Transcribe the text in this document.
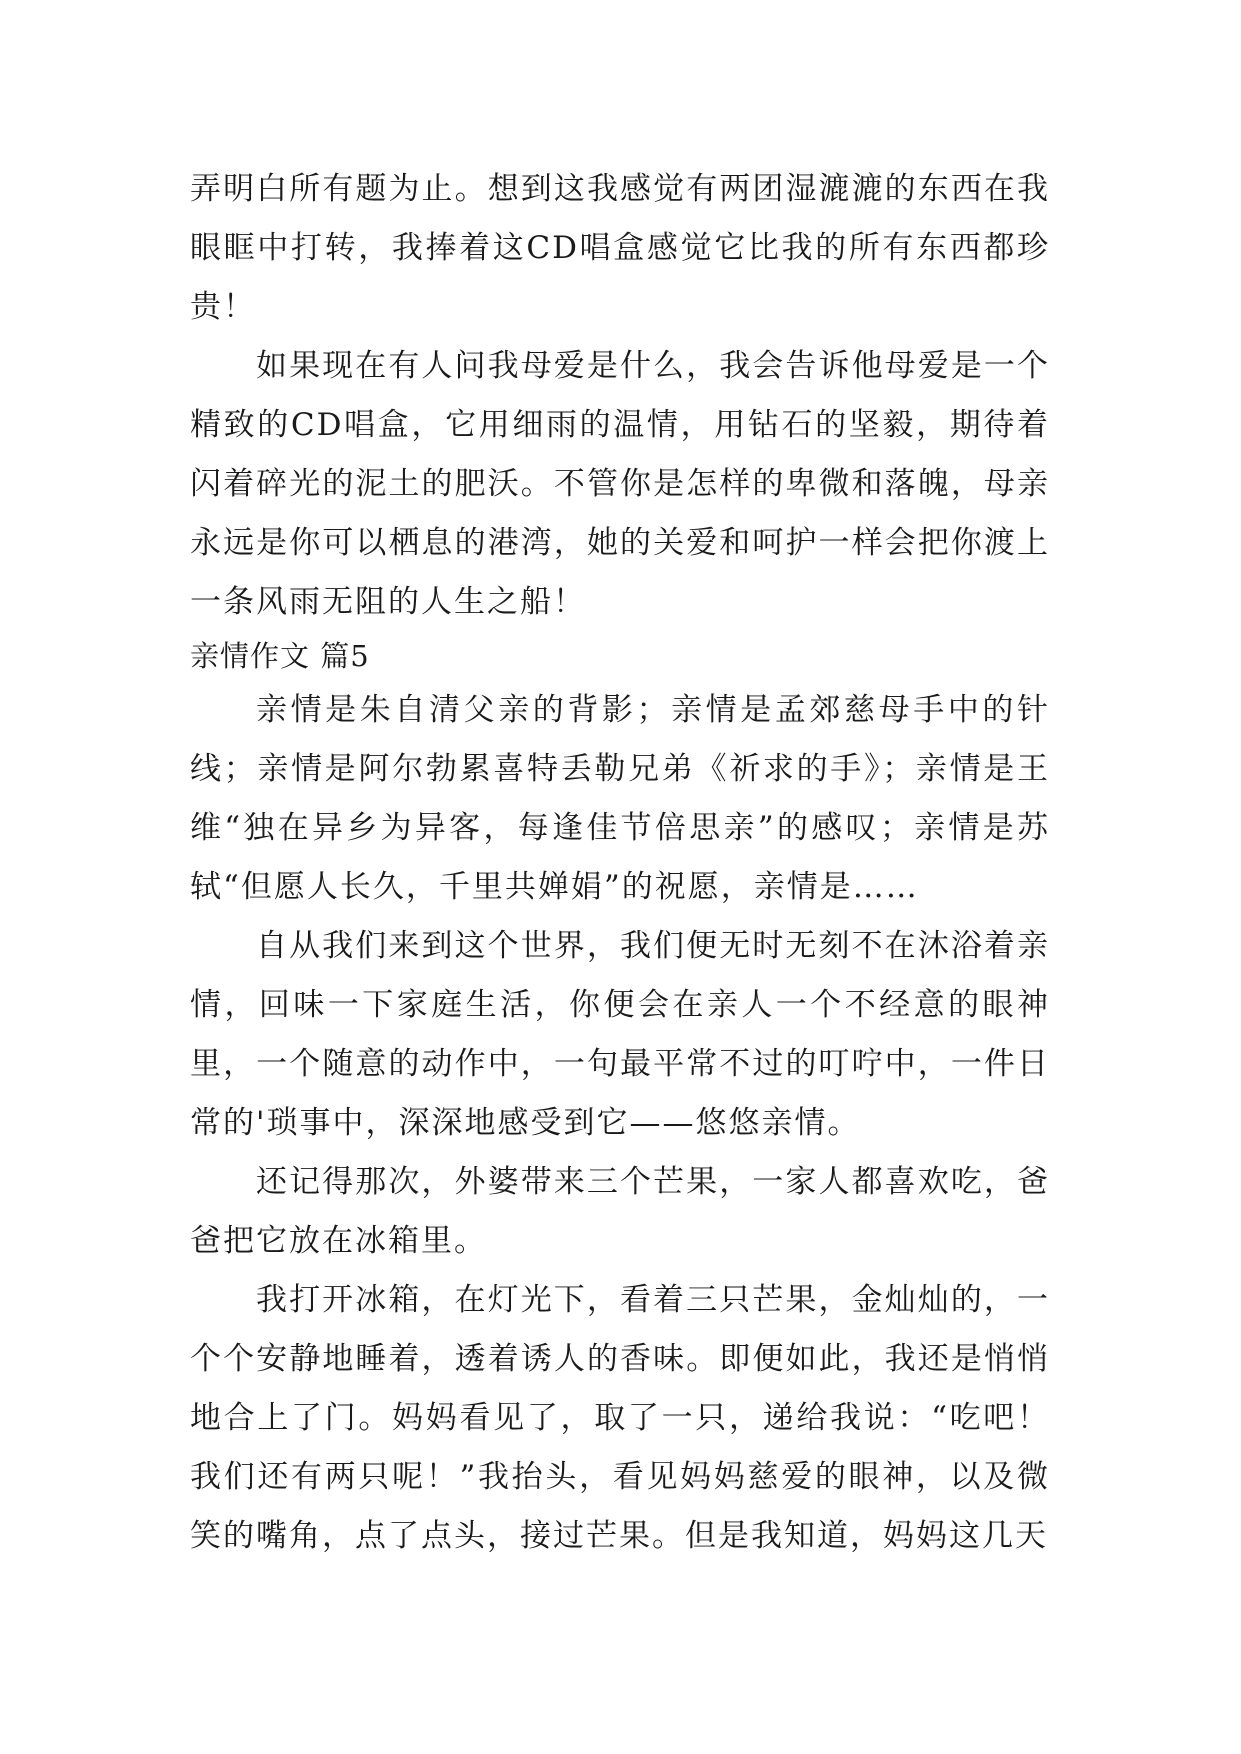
弄明白所有题为止。想到这我感觉有两团湿漉漉的东西在我眼眶中打转，我捧着这CD唱盒感觉它比我的所有东西都珍贵！

如果现在有人问我母爱是什么，我会告诉他母爱是一个精致的CD唱盒，它用细雨的温情，用钻石的坚毅，期待着闪着碎光的泥土的肥沃。不管你是怎样的卑微和落魄，母亲永远是你可以栖息的港湾，她的关爱和呵护一样会把你渡上一条风雨无阻的人生之船！

亲情作文 篇5

亲情是朱自清父亲的背影；亲情是孟郊慈母手中的针线；亲情是阿尔勃累喜特丢勒兄弟《祈求的手》；亲情是王维“独在异乡为异客，每逢佳节倍思亲”的感叹；亲情是苏轼“但愿人长久，千里共婵娟”的祝愿，亲情是……

自从我们来到这个世界，我们便无时无刻不在沐浴着亲情，回味一下家庭生活，你便会在亲人一个不经意的眼神里，一个随意的动作中，一句最平常不过的叮咛中，一件日常的'琐事中，深深地感受到它——悠悠亲情。

还记得那次，外婆带来三个芒果，一家人都喜欢吃，爸爸把它放在冰箱里。

我打开冰箱，在灯光下，看着三只芒果，金灿灿的，一个个安静地睡着，透着诱人的香味。即便如此，我还是悄悄地合上了门。妈妈看见了，取了一只，递给我说：“吃吧！我们还有两只呢！”我抬头，看见妈妈慈爱的眼神，以及微笑的嘴角，点了点头，接过芒果。但是我知道，妈妈这几天
